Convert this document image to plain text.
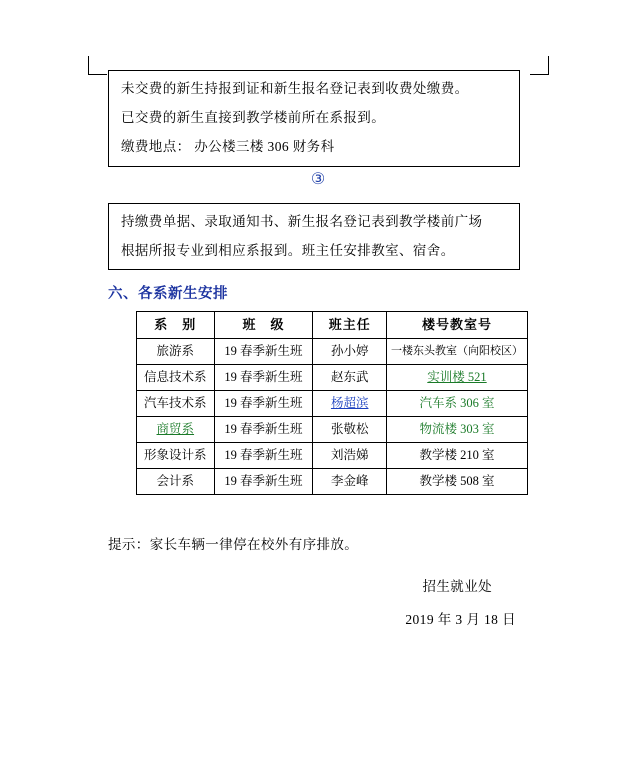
未交费的新生持报到证和新生报名登记表到收费处缴费。

已交费的新生直接到教学楼前所在系报到。

缴费地点： 办公楼三楼 306 财务科

③

持缴费单据、录取通知书、新生报名登记表到教学楼前广场

根据所报专业到相应系报到。班主任安排教室、宿舍。

六、各系新生安排
系　别	班　级	班主任	楼号教室号
旅游系	19 春季新生班	孙小婷	一楼东头教室（向阳校区）
信息技术系	19 春季新生班	赵东武	实训楼 521
汽车技术系	19 春季新生班	杨超滨	汽车系 306 室
商贸系	19 春季新生班	张敬松	物流楼 303 室
形象设计系	19 春季新生班	刘浩娣	教学楼 210 室
会计系	19 春季新生班	李金峰	教学楼 508 室

提示：家长车辆一律停在校外有序排放。

招生就业处

2019 年 3 月 18 日
